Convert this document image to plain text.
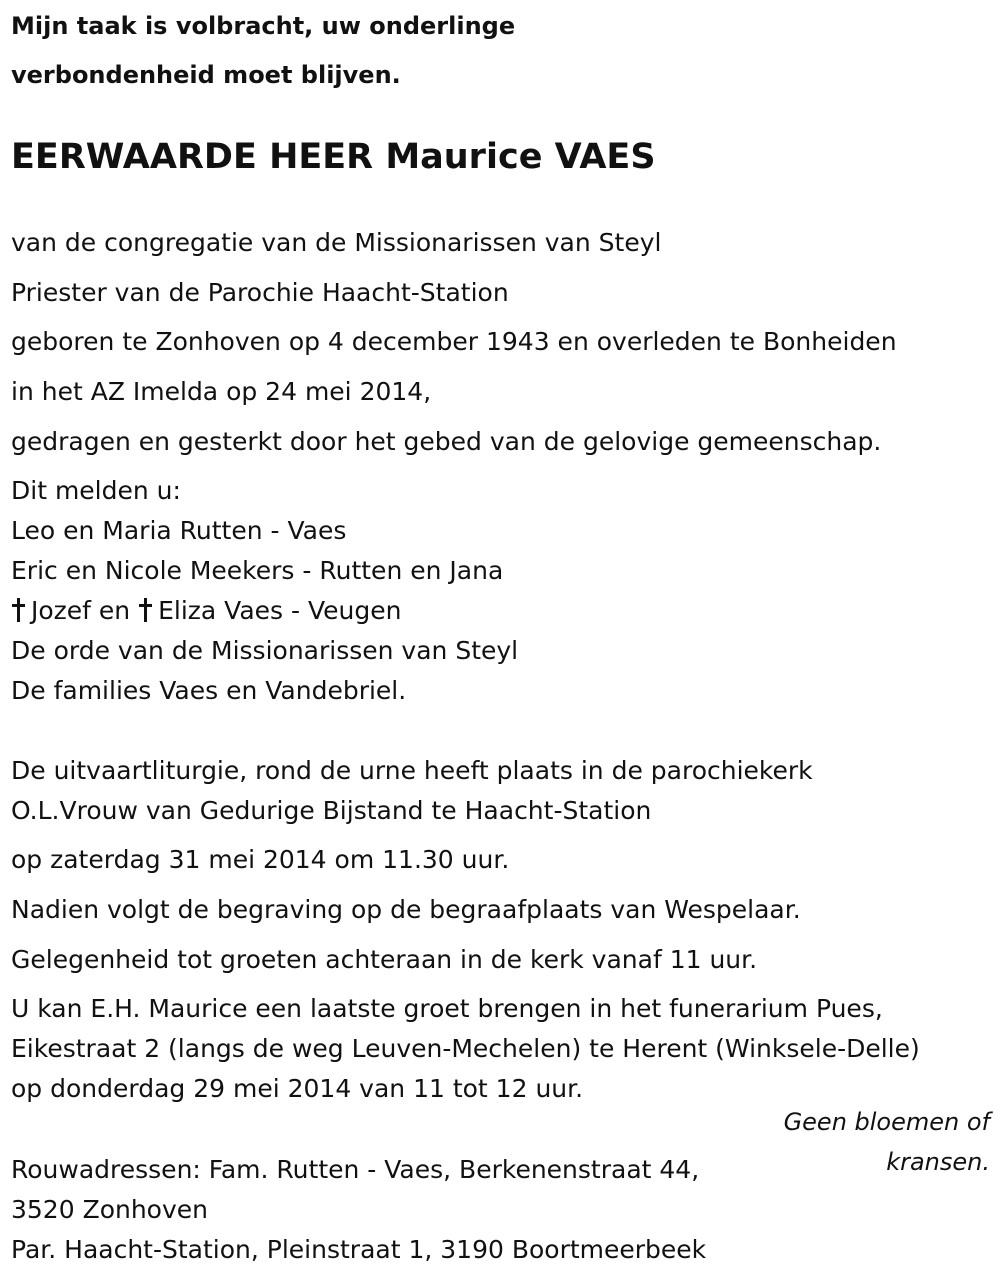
Mijn taak is volbracht, uw onderlinge
verbondenheid moet blijven.
EERWAARDE HEER Maurice VAES
van de congregatie van de Missionarissen van Steyl
Priester van de Parochie Haacht-Station
geboren te Zonhoven op 4 december 1943 en overleden te Bonheiden
in het AZ Imelda op 24 mei 2014,
gedragen en gesterkt door het gebed van de gelovige gemeenschap.
Dit melden u:
Leo en Maria Rutten - Vaes
Eric en Nicole Meekers - Rutten en Jana
Jozef en Eliza Vaes - Veugen
De orde van de Missionarissen van Steyl
De families Vaes en Vandebriel.
De uitvaartliturgie, rond de urne heeft plaats in de parochiekerk
O.L.Vrouw van Gedurige Bijstand te Haacht-Station
op zaterdag 31 mei 2014 om 11.30 uur.
Nadien volgt de begraving op de begraafplaats van Wespelaar.
Gelegenheid tot groeten achteraan in de kerk vanaf 11 uur.
U kan E.H. Maurice een laatste groet brengen in het funerarium Pues,
Eikestraat 2 (langs de weg Leuven-Mechelen) te Herent (Winksele-Delle)
op donderdag 29 mei 2014 van 11 tot 12 uur.
Geen bloemen of
kransen.
Rouwadressen: Fam. Rutten - Vaes, Berkenenstraat 44,
3520 Zonhoven
Par. Haacht-Station, Pleinstraat 1, 3190 Boortmeerbeek
